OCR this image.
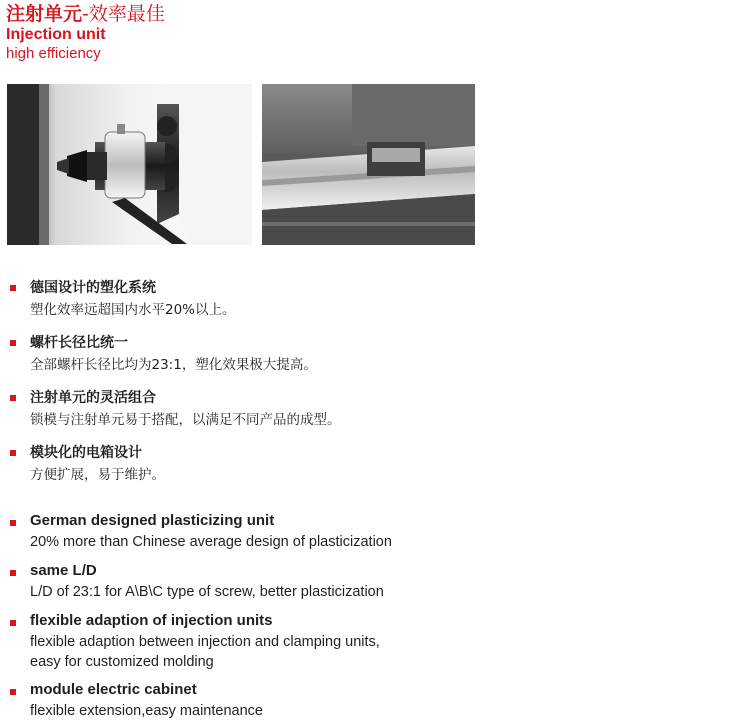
注射单元-效率最佳
Injection unit
high efficiency
德国设计的塑化系统
塑化效率远超国内水平20%以上。
螺杆长径比统一
全部螺杆长径比均为23:1，塑化效果极大提高。
注射单元的灵活组合
锁模与注射单元易于搭配，以满足不同产品的成型。
模块化的电箱设计
方便扩展，易于维护。
German designed plasticizing unit
20% more than Chinese average design of plasticization
same L/D
L/D of 23:1 for A\B\C type of screw, better plasticization
flexible adaption of injection units
flexible adaption between injection and clamping units,
easy for customized molding
module electric cabinet
flexible extension,easy maintenance
